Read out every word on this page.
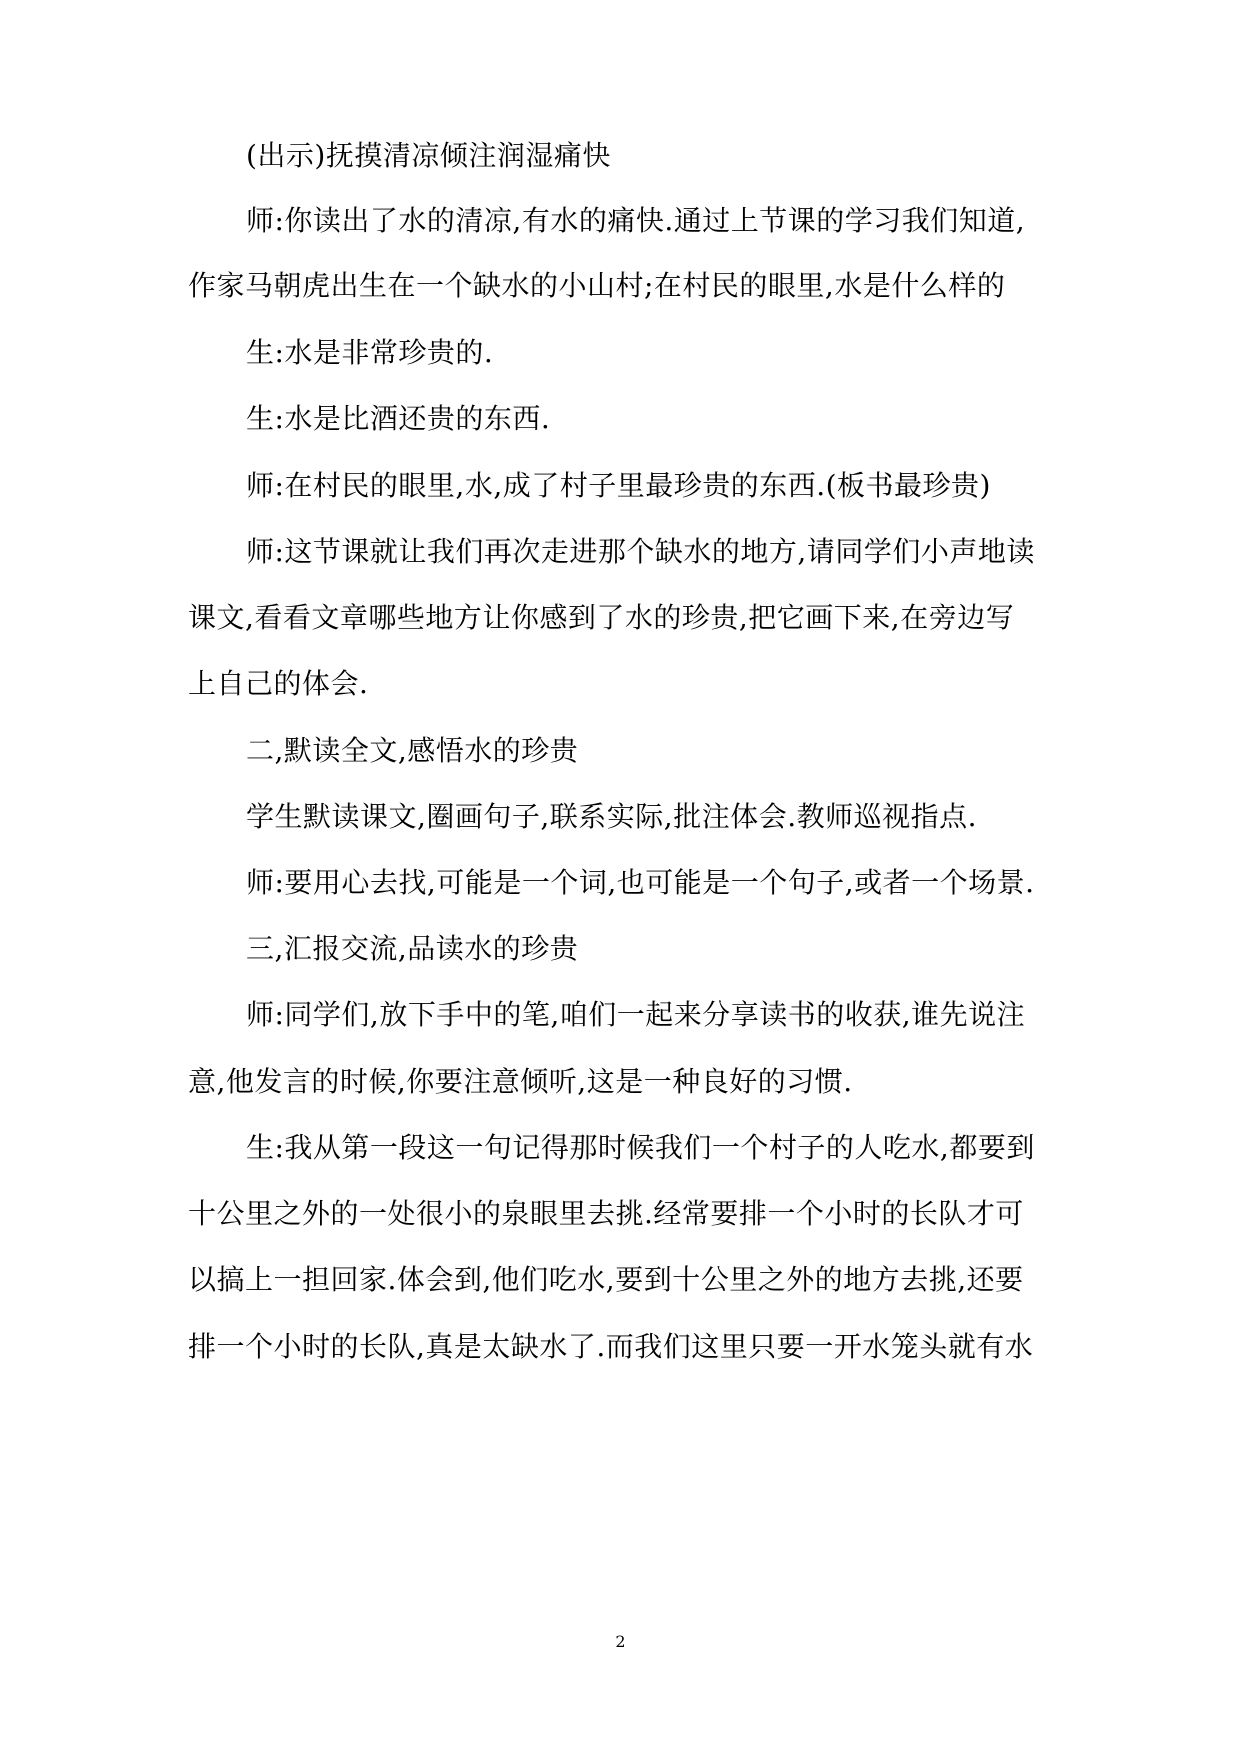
(出示)抚摸清凉倾注润湿痛快
师:你读出了水的清凉,有水的痛快.通过上节课的学习我们知道,
作家马朝虎出生在一个缺水的小山村;在村民的眼里,水是什么样的
生:水是非常珍贵的.
生:水是比酒还贵的东西.
师:在村民的眼里,水,成了村子里最珍贵的东西.(板书最珍贵)
师:这节课就让我们再次走进那个缺水的地方,请同学们小声地读
课文,看看文章哪些地方让你感到了水的珍贵,把它画下来,在旁边写
上自己的体会.
二,默读全文,感悟水的珍贵
学生默读课文,圈画句子,联系实际,批注体会.教师巡视指点.
师:要用心去找,可能是一个词,也可能是一个句子,或者一个场景.
三,汇报交流,品读水的珍贵
师:同学们,放下手中的笔,咱们一起来分享读书的收获,谁先说注
意,他发言的时候,你要注意倾听,这是一种良好的习惯.
生:我从第一段这一句记得那时候我们一个村子的人吃水,都要到
十公里之外的一处很小的泉眼里去挑.经常要排一个小时的长队才可
以搞上一担回家.体会到,他们吃水,要到十公里之外的地方去挑,还要
排一个小时的长队,真是太缺水了.而我们这里只要一开水笼头就有水
2
